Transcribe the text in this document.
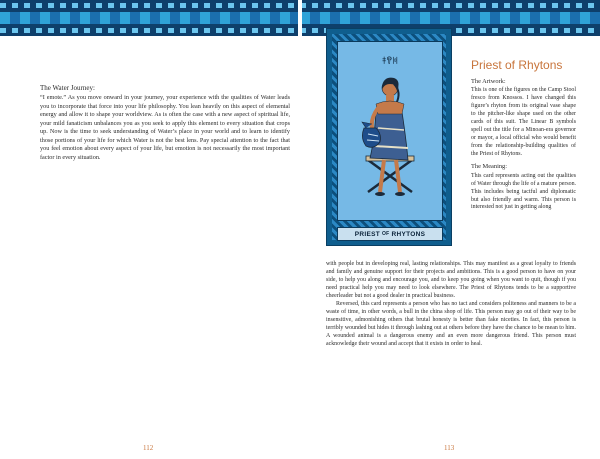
The Water Journey:

“I emote.” As you move onward in your journey, your experience with the qualities of Water leads you to incorporate that force into your life philosophy. You lean heavily on this aspect of elemental energy and allow it to shape your worldview. As is often the case with a new aspect of spiritual life, your mild fanaticism unbalances you as you seek to apply this element to every situation that crops up. Now is the time to seek understanding of Water’s place in your world and to learn to identify those portions of your life for which Water is not the best lens. Pay special attention to the fact that you feel emotion about every aspect of your life, but emotion is not necessarily the most important factor in every situation.

112
𐀞𐀒𐀝
PRIEST OF RHYTONS
Priest of Rhytons

The Artwork:

This is one of the figures on the Camp Stool fresco from Knossos. I have changed this figure’s rhyton from its original vase shape to the pitcher-like shape used on the other cards of this suit. The Linear B symbols spell out the title for a Minoan-era governor or mayor, a local official who would benefit from the relationship-building qualities of the Priest of Rhytons.

The Meaning:

This card represents acting out the qualities of Water through the life of a mature person. This includes being tactful and diplomatic but also friendly and warm. This person is interested not just in getting along

with people but in developing real, lasting relationships. This may manifest as a great loyalty to friends and family and genuine support for their projects and ambitions. This is a good person to have on your side, to help you along and encourage you, and to keep you going when you want to quit, though if you need practical help you may need to look elsewhere. The Priest of Rhytons tends to be a supportive cheerleader but not a good dealer in practical business.

Reversed, this card represents a person who has no tact and considers politeness and manners to be a waste of time, in other words, a bull in the china shop of life. This person may go out of their way to be insensitive, admonishing others that brutal honesty is better than fake niceties. In fact, this person is terribly wounded but hides it through lashing out at others before they have the chance to be mean to him. A wounded animal is a dangerous enemy and an even more dangerous friend. This person must acknowledge their wound and accept that it exists in order to heal.

113
